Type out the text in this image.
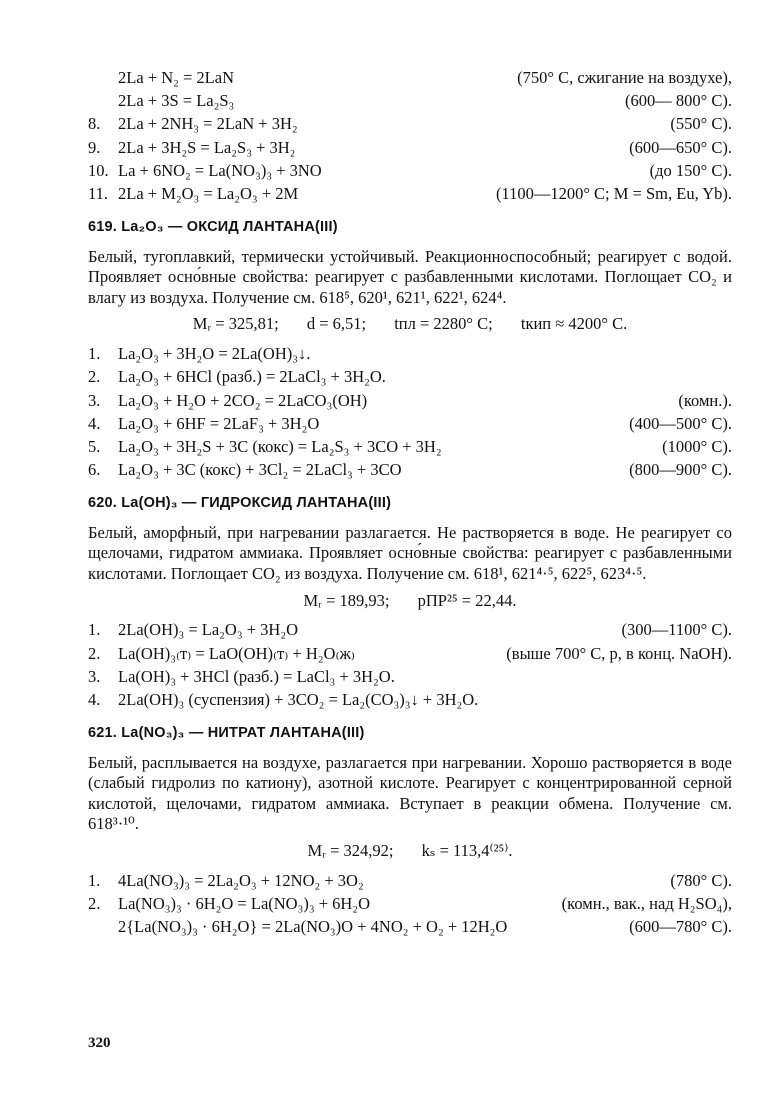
2La + N₂ = 2LaN	(750° C, сжигание на воздухе),
2La + 3S = La₂S₃	(600— 800° C).
8.	2La + 2NH₃ = 2LaN + 3H₂	(550° C).
9.	2La + 3H₂S = La₂S₃ + 3H₂	(600—650° C).
10. La + 6NO₂ = La(NO₃)₃ + 3NO	(до 150° C).
11. 2La + M₂O₃ = La₂O₃ + 2M	(1100—1200° C; M = Sm, Eu, Yb).
619. La₂O₃ — ОКСИД ЛАНТАНА(III)
Белый, тугоплавкий, термически устойчивый. Реакционноспособный; реагирует с водой. Проявляет осно́вные свойства: реагирует с разбавленными кислотами. Поглощает CO₂ и влагу из воздуха. Получение см. 618⁵, 620¹, 621¹, 622¹, 624⁴.
Mᵣ = 325,81; d = 6,51; tпл = 2280° C; tкип ≈ 4200° C.
1.	La₂O₃ + 3H₂O = 2La(OH)₃↓.
2.	La₂O₃ + 6HCl (разб.) = 2LaCl₃ + 3H₂O.
3.	La₂O₃ + H₂O + 2CO₂ = 2LaCO₃(OH)	(комн.).
4.	La₂O₃ + 6HF = 2LaF₃ + 3H₂O	(400—500° C).
5.	La₂O₃ + 3H₂S + 3C (кокс) = La₂S₃ + 3CO + 3H₂	(1000° C).
6.	La₂O₃ + 3C (кокс) + 3Cl₂ = 2LaCl₃ + 3CO	(800—900° C).
620. La(OH)₃ — ГИДРОКСИД ЛАНТАНА(III)
Белый, аморфный, при нагревании разлагается. Не растворяется в воде. Не реагирует со щелочами, гидратом аммиака. Проявляет осно́вные свойства: реагирует с разбавленными кислотами. Поглощает CO₂ из воздуха. Получение см. 618¹, 621⁴·⁵, 622⁵, 623⁴·⁵.
Mᵣ = 189,93; рПР²⁵ = 22,44.
1.	2La(OH)₃ = La₂O₃ + 3H₂O	(300—1100° C).
2.	La(OH)₃₍т₎ = LaO(OH)₍т₎ + H₂O₍ж₎	(выше 700° C, p, в конц. NaOH).
3.	La(OH)₃ + 3HCl (разб.) = LaCl₃ + 3H₂O.
4.	2La(OH)₃ (суспензия) + 3CO₂ = La₂(CO₃)₃↓ + 3H₂O.
621. La(NO₃)₃ — НИТРАТ ЛАНТАНА(III)
Белый, расплывается на воздухе, разлагается при нагревании. Хорошо растворяется в воде (слабый гидролиз по катиону), азотной кислоте. Реагирует с концентрированной серной кислотой, щелочами, гидратом аммиака. Вступает в реакции обмена. Получение см. 618³·¹⁰.
Mᵣ = 324,92; kₛ = 113,4⁽²⁵⁾.
1.	4La(NO₃)₃ = 2La₂O₃ + 12NO₂ + 3O₂	(780° C).
2.	La(NO₃)₃ · 6H₂O = La(NO₃)₃ + 6H₂O	(комн., вак., над H₂SO₄),
2{La(NO₃)₃ · 6H₂O} = 2La(NO₃)O + 4NO₂ + O₂ + 12H₂O	(600—780° C).
320
